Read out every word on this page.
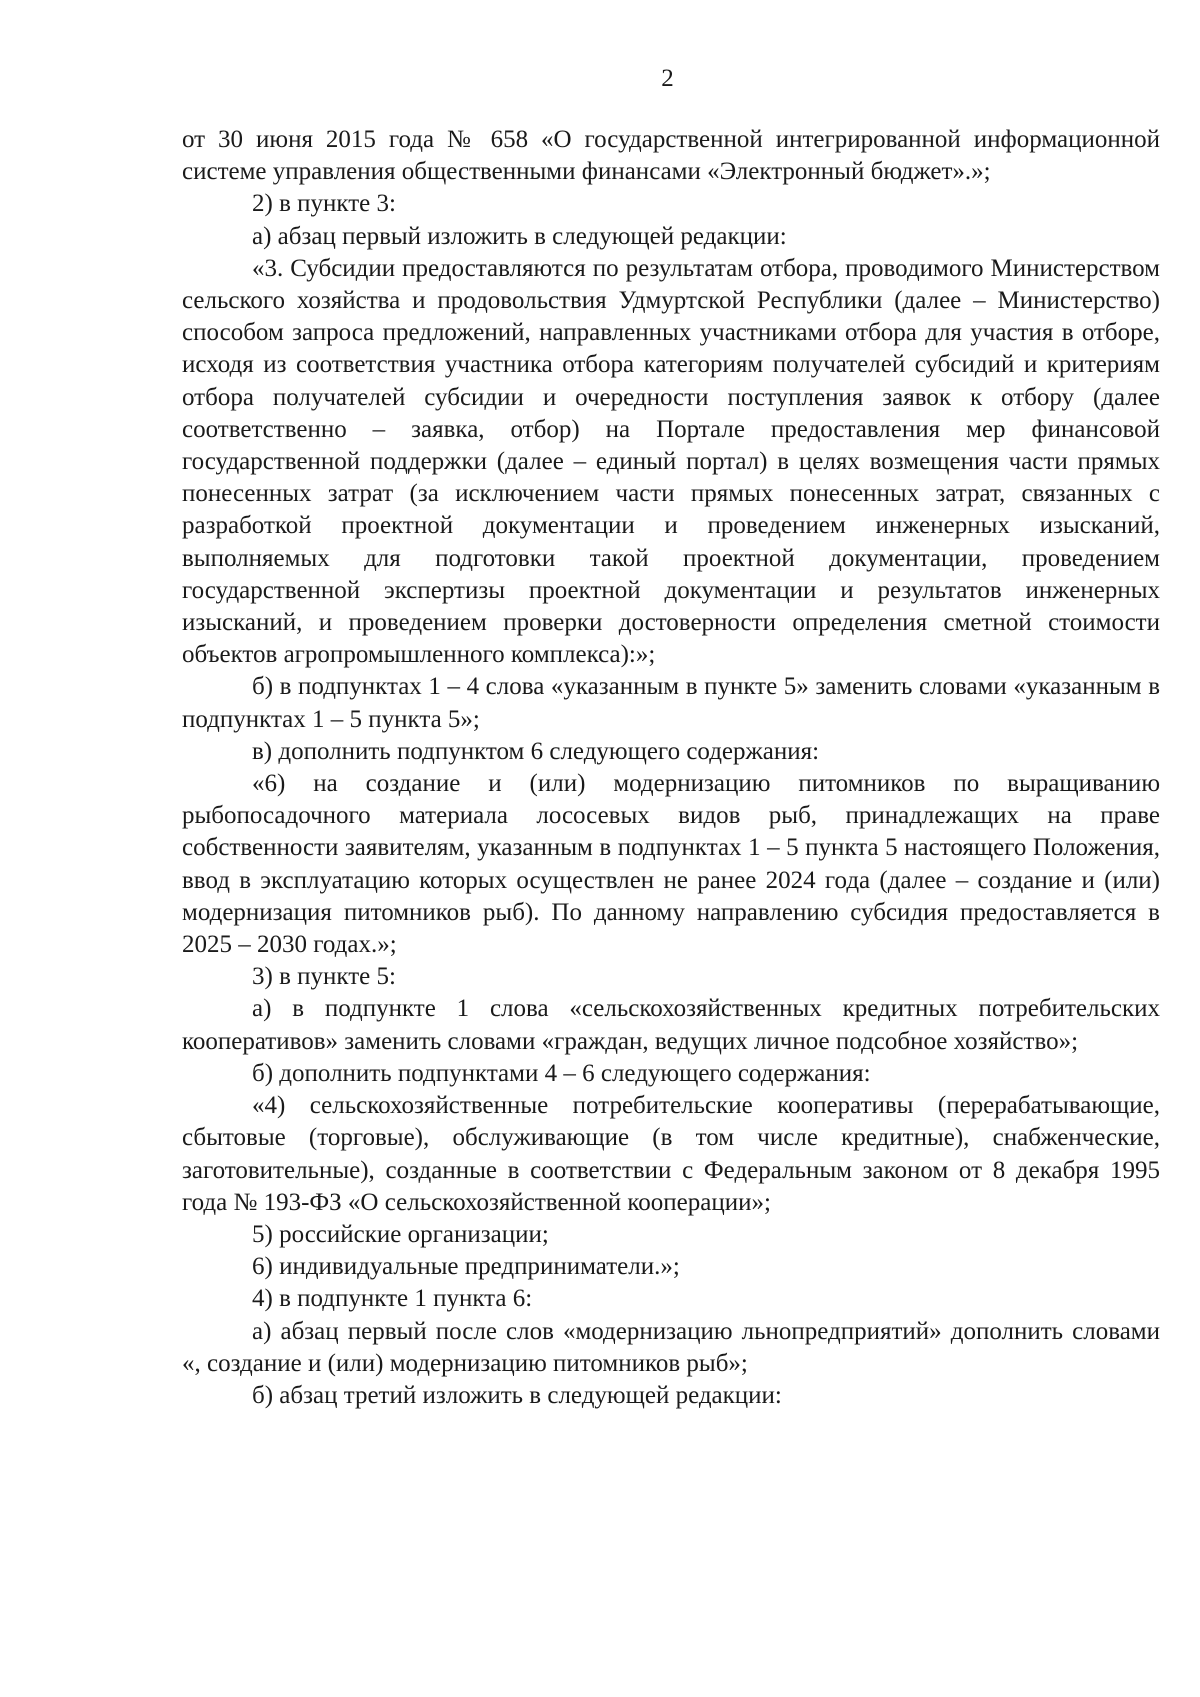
2

от 30 июня 2015 года № 658 «О государственной интегрированной информационной системе управления общественными финансами «Электронный бюджет».»;

2) в пункте 3:

а) абзац первый изложить в следующей редакции:

«3. Субсидии предоставляются по результатам отбора, проводимого Министерством сельского хозяйства и продовольствия Удмуртской Республики (далее – Министерство) способом запроса предложений, направленных участниками отбора для участия в отборе, исходя из соответствия участника отбора категориям получателей субсидий и критериям отбора получателей субсидии и очередности поступления заявок к отбору (далее соответственно – заявка, отбор) на Портале предоставления мер финансовой государственной поддержки (далее – единый портал) в целях возмещения части прямых понесенных затрат (за исключением части прямых понесенных затрат, связанных с разработкой проектной документации и проведением инженерных изысканий, выполняемых для подготовки такой проектной документации, проведением государственной экспертизы проектной документации и результатов инженерных изысканий, и проведением проверки достоверности определения сметной стоимости объектов агропромышленного комплекса):»;

б) в подпунктах 1 – 4 слова «указанным в пункте 5» заменить словами «указанным в подпунктах 1 – 5 пункта 5»;

в) дополнить подпунктом 6 следующего содержания:

«6) на создание и (или) модернизацию питомников по выращиванию рыбопосадочного материала лососевых видов рыб, принадлежащих на праве собственности заявителям, указанным в подпунктах 1 – 5 пункта 5 настоящего Положения, ввод в эксплуатацию которых осуществлен не ранее 2024 года (далее – создание и (или) модернизация питомников рыб). По данному направлению субсидия предоставляется в 2025 – 2030 годах.»;

3) в пункте 5:

а) в подпункте 1 слова «сельскохозяйственных кредитных потребительских кооперативов» заменить словами «граждан, ведущих личное подсобное хозяйство»;

б) дополнить подпунктами 4 – 6 следующего содержания:

«4) сельскохозяйственные потребительские кооперативы (перерабатывающие, сбытовые (торговые), обслуживающие (в том числе кредитные), снабженческие, заготовительные), созданные в соответствии с Федеральным законом от 8 декабря 1995 года № 193-ФЗ «О сельскохозяйственной кооперации»;

5) российские организации;

6) индивидуальные предприниматели.»;

4) в подпункте 1 пункта 6:

а) абзац первый после слов «модернизацию льнопредприятий» дополнить словами «, создание и (или) модернизацию питомников рыб»;

б) абзац третий изложить в следующей редакции:
